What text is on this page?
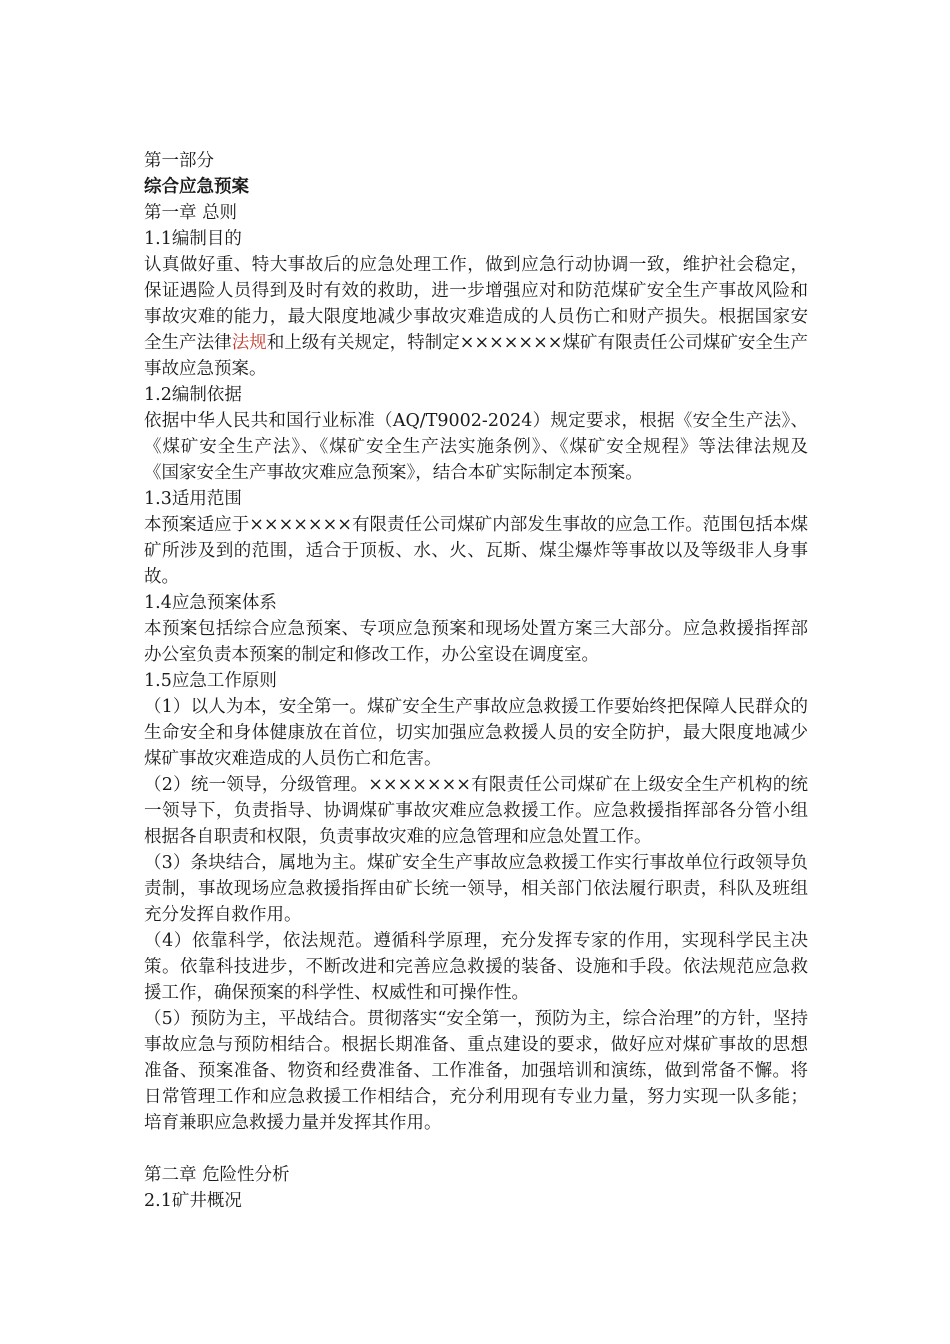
第一部分

综合应急预案

第一章 总则

1.1编制目的

认真做好重、特大事故后的应急处理工作，做到应急行动协调一致，维护社会稳定，保证遇险人员得到及时有效的救助，进一步增强应对和防范煤矿安全生产事故风险和事故灾难的能力，最大限度地减少事故灾难造成的人员伤亡和财产损失。根据国家安全生产法律法规和上级有关规定，特制定×××××××煤矿有限责任公司煤矿安全生产事故应急预案。

1.2编制依据

依据中华人民共和国行业标准（AQ/T9002-2024）规定要求，根据《安全生产法》、《煤矿安全生产法》、《煤矿安全生产法实施条例》、《煤矿安全规程》等法律法规及《国家安全生产事故灾难应急预案》，结合本矿实际制定本预案。

1.3适用范围

本预案适应于×××××××有限责任公司煤矿内部发生事故的应急工作。范围包括本煤矿所涉及到的范围，适合于顶板、水、火、瓦斯、煤尘爆炸等事故以及等级非人身事故。

1.4应急预案体系

本预案包括综合应急预案、专项应急预案和现场处置方案三大部分。应急救援指挥部办公室负责本预案的制定和修改工作，办公室设在调度室。

1.5应急工作原则

（1）以人为本，安全第一。煤矿安全生产事故应急救援工作要始终把保障人民群众的生命安全和身体健康放在首位，切实加强应急救援人员的安全防护，最大限度地减少煤矿事故灾难造成的人员伤亡和危害。

（2）统一领导，分级管理。×××××××有限责任公司煤矿在上级安全生产机构的统一领导下，负责指导、协调煤矿事故灾难应急救援工作。应急救援指挥部各分管小组根据各自职责和权限，负责事故灾难的应急管理和应急处置工作。

（3）条块结合，属地为主。煤矿安全生产事故应急救援工作实行事故单位行政领导负责制，事故现场应急救援指挥由矿长统一领导，相关部门依法履行职责，科队及班组充分发挥自救作用。

（4）依靠科学，依法规范。遵循科学原理，充分发挥专家的作用，实现科学民主决策。依靠科技进步，不断改进和完善应急救援的装备、设施和手段。依法规范应急救援工作，确保预案的科学性、权威性和可操作性。

（5）预防为主，平战结合。贯彻落实“安全第一，预防为主，综合治理”的方针，坚持事故应急与预防相结合。根据长期准备、重点建设的要求，做好应对煤矿事故的思想准备、预案准备、物资和经费准备、工作准备，加强培训和演练，做到常备不懈。将日常管理工作和应急救援工作相结合，充分利用现有专业力量，努力实现一队多能；培育兼职应急救援力量并发挥其作用。

第二章 危险性分析

2.1矿井概况
